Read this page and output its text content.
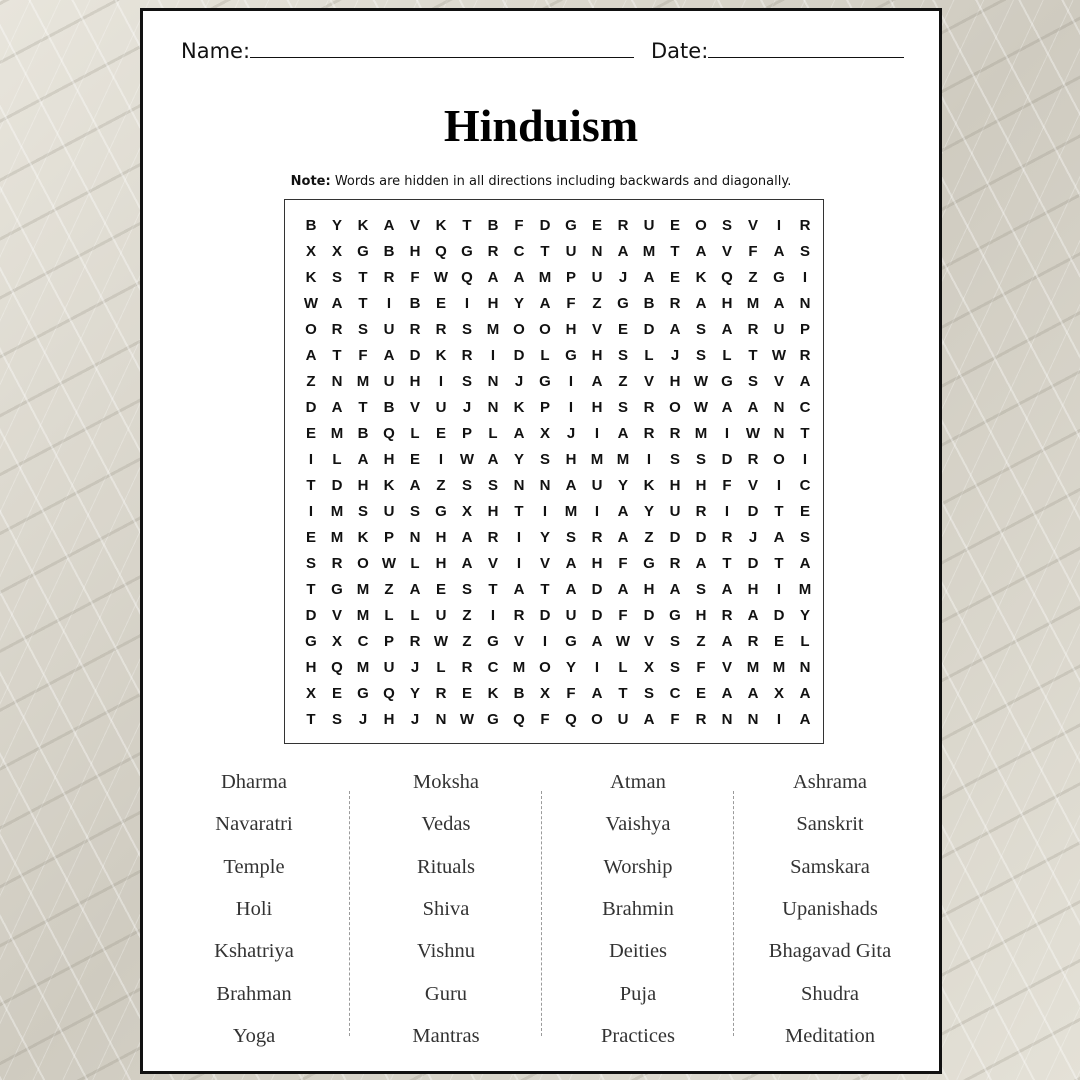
Name:	Date:
Hinduism
Note: Words are hidden in all directions including backwards and diagonally.
B	Y	K	A	V	K	T	B	F	D G	E	R	U	E	O	S	V	I	R
X	X	G B	H Q G R	C	T	U	N	A M	T	A	V	F	A	S
K	S	T	R	F W Q A	A M P	U	J	A	E	K Q	Z	G	I
W A	T	I	B	E	I	H	Y	A	F	Z	G B	R	A	H M A	N
O R	S	U	R	R	S M O O H	V	E	D	A	S	A	R	U	P
A	T	F	A	D	K	R	I	D	L	G H	S	L	J	S	L	T W R
Z	N M U	H	I	S	N	J	G	I	A	Z	V	H W G	S	V	A
D	A	T	B	V	U	J	N	K	P	I	H	S	R O W A	A	N	C
E M B Q	L	E	P	L	A	X	J	I	A	R	R M	I	W N	T
I	L	A	H	E	I	W A	Y	S	H M M	I	S	S	D	R O	I
T	D	H	K	A	Z	S	S	N	N	A	U	Y	K	H	H	F	V	I	C
I	M S	U	S	G	X	H	T	I	M	I	A	Y	U	R	I	D	T	E
E M K	P	N	H	A	R	I	Y	S	R	A	Z	D	D	R	J	A	S
S	R O W L	H	A	V	I	V	A	H	F	G R	A	T	D	T	A
T	G M	Z	A	E	S	T	A	T	A	D	A	H	A	S	A	H	I	M
D	V M	L	L	U	Z	I	R	D	U	D	F	D G H	R	A	D	Y
G	X	C	P	R W Z	G	V	I	G A W V	S	Z	A	R	E	L
H Q M U	J	L	R	C M O	Y	I	L	X	S	F	V M M N
X	E	G Q	Y	R	E	K	B	X	F	A	T	S	C	E	A	A	X	A
T	S	J	H	J	N W G Q	F	Q O U	A	F	R	N	N	I	A
Dharma
Navaratri
Temple
Holi
Kshatriya
Brahman
Yoga
Moksha
Vedas
Rituals
Shiva
Vishnu
Guru
Mantras
Atman
Vaishya
Worship
Brahmin
Deities
Puja
Practices
Ashrama
Sanskrit
Samskara
Upanishads
Bhagavad Gita
Shudra
Meditation
